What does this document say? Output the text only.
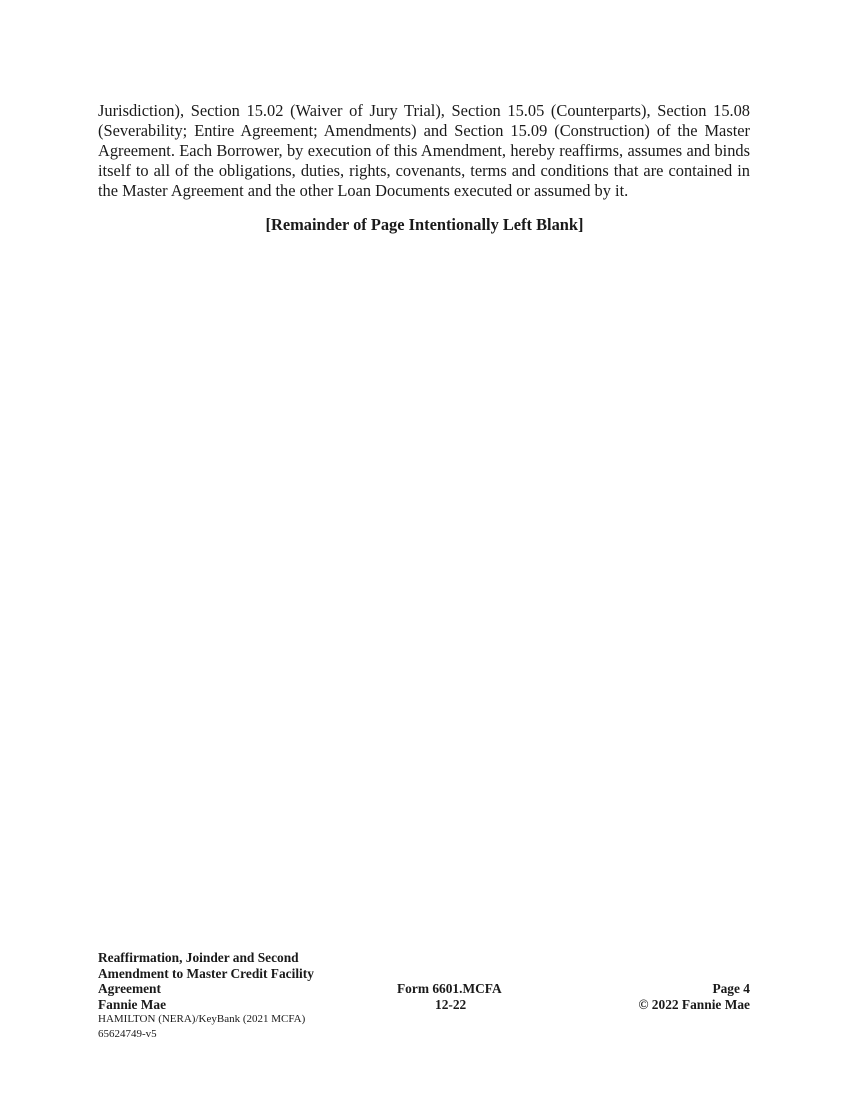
Jurisdiction), Section 15.02 (Waiver of Jury Trial), Section 15.05 (Counterparts), Section 15.08 (Severability; Entire Agreement; Amendments) and Section 15.09 (Construction) of the Master Agreement. Each Borrower, by execution of this Amendment, hereby reaffirms, assumes and binds itself to all of the obligations, duties, rights, covenants, terms and conditions that are contained in the Master Agreement and the other Loan Documents executed or assumed by it.

[Remainder of Page Intentionally Left Blank]

Reaffirmation, Joinder and Second
Amendment to Master Credit Facility
Agreement
Fannie Mae
HAMILTON (NERA)/KeyBank (2021 MCFA)
65624749-v5
Form 6601.MCFA
12-22
Page 4
© 2022 Fannie Mae
